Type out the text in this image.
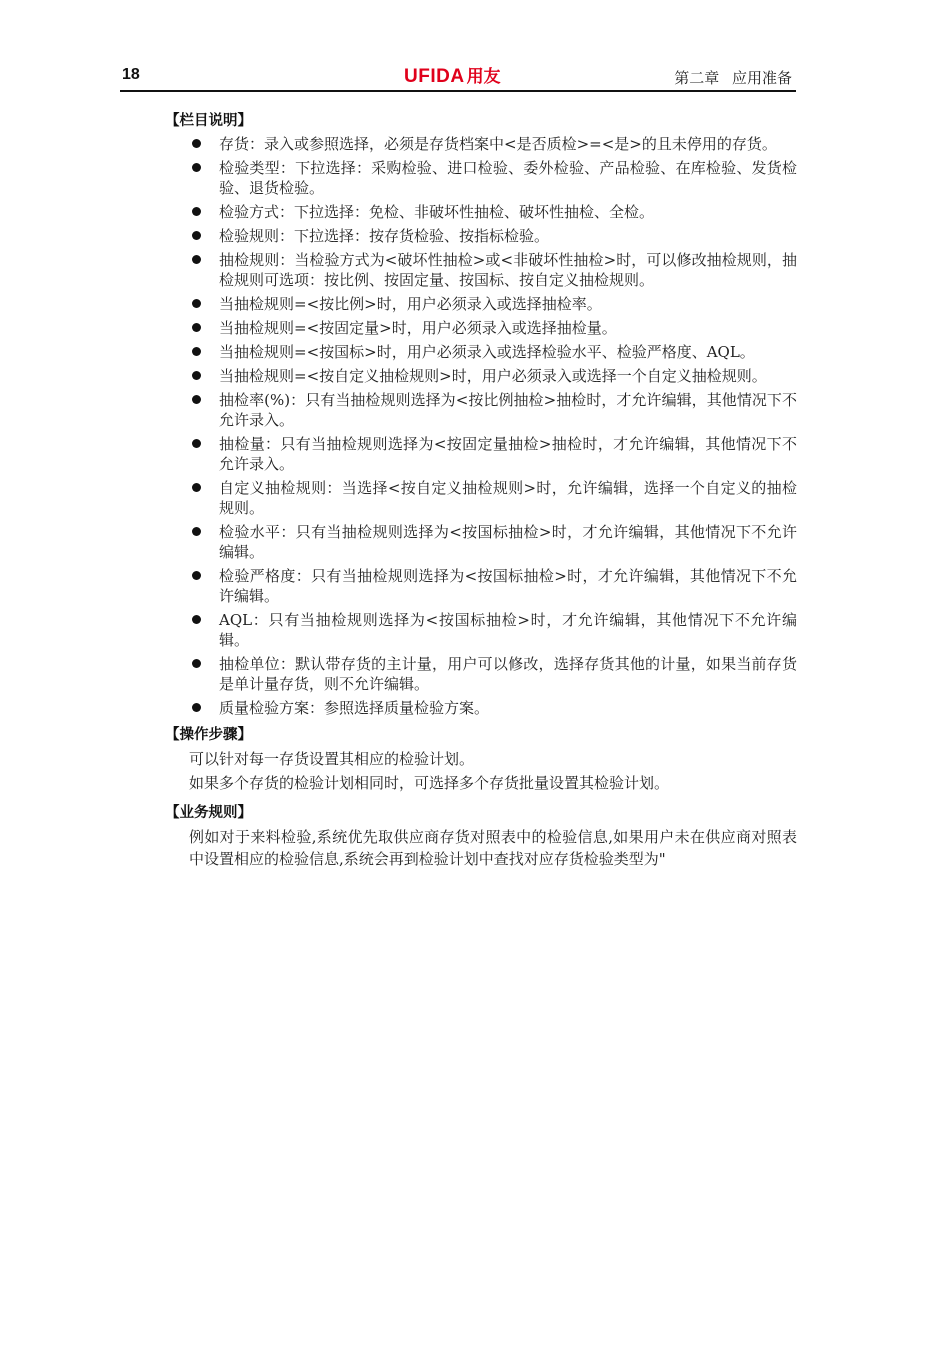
18	UFIDA 用友	第二章 应用准备
【栏目说明】
存货：录入或参照选择，必须是存货档案中<是否质检>=<是>的且未停用的存货。
检验类型：下拉选择：采购检验、进口检验、委外检验、产品检验、在库检验、发货检验、退货检验。
检验方式：下拉选择：免检、非破坏性抽检、破坏性抽检、全检。
检验规则：下拉选择：按存货检验、按指标检验。
抽检规则：当检验方式为<破坏性抽检>或<非破坏性抽检>时，可以修改抽检规则，抽检规则可选项：按比例、按固定量、按国标、按自定义抽检规则。
当抽检规则=<按比例>时，用户必须录入或选择抽检率。
当抽检规则=<按固定量>时，用户必须录入或选择抽检量。
当抽检规则=<按国标>时，用户必须录入或选择检验水平、检验严格度、AQL。
当抽检规则=<按自定义抽检规则>时，用户必须录入或选择一个自定义抽检规则。
抽检率(%)：只有当抽检规则选择为<按比例抽检>抽检时，才允许编辑，其他情况下不允许录入。
抽检量：只有当抽检规则选择为<按固定量抽检>抽检时，才允许编辑，其他情况下不允许录入。
自定义抽检规则：当选择<按自定义抽检规则>时，允许编辑，选择一个自定义的抽检规则。
检验水平：只有当抽检规则选择为<按国标抽检>时，才允许编辑，其他情况下不允许编辑。
检验严格度：只有当抽检规则选择为<按国标抽检>时，才允许编辑，其他情况下不允许编辑。
AQL：只有当抽检规则选择为<按国标抽检>时，才允许编辑，其他情况下不允许编辑。
抽检单位：默认带存货的主计量，用户可以修改，选择存货其他的计量，如果当前存货是单计量存货，则不允许编辑。
质量检验方案：参照选择质量检验方案。
【操作步骤】

可以针对每一存货设置其相应的检验计划。

如果多个存货的检验计划相同时，可选择多个存货批量设置其检验计划。

【业务规则】

例如对于来料检验,系统优先取供应商存货对照表中的检验信息,如果用户未在供应商对照表中设置相应的检验信息,系统会再到检验计划中查找对应存货检验类型为"
